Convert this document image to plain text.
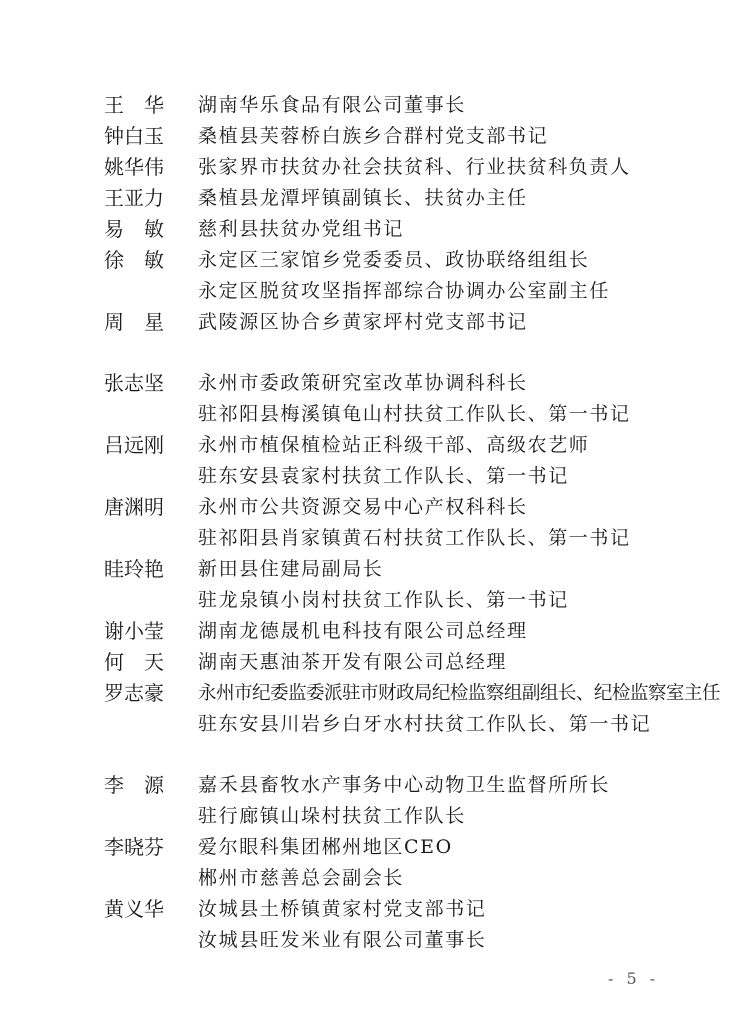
王　华	湖南华乐食品有限公司董事长
钟白玉	桑植县芙蓉桥白族乡合群村党支部书记
姚华伟	张家界市扶贫办社会扶贫科、行业扶贫科负责人
王亚力	桑植县龙潭坪镇副镇长、扶贫办主任
易　敏	慈利县扶贫办党组书记
徐　敏	永定区三家馆乡党委委员、政协联络组组长
永定区脱贫攻坚指挥部综合协调办公室副主任
周　星	武陵源区协合乡黄家坪村党支部书记
张志坚	永州市委政策研究室改革协调科科长
驻祁阳县梅溪镇龟山村扶贫工作队长、第一书记
吕远刚	永州市植保植检站正科级干部、高级农艺师
驻东安县袁家村扶贫工作队长、第一书记
唐渊明	永州市公共资源交易中心产权科科长
驻祁阳县肖家镇黄石村扶贫工作队长、第一书记
眭玲艳	新田县住建局副局长
驻龙泉镇小岗村扶贫工作队长、第一书记
谢小莹	湖南龙德晟机电科技有限公司总经理
何　天	湖南天惠油茶开发有限公司总经理
罗志豪	永州市纪委监委派驻市财政局纪检监察组副组长、纪检监察室主任
驻东安县川岩乡白牙水村扶贫工作队长、第一书记
李　源	嘉禾县畜牧水产事务中心动物卫生监督所所长
驻行廊镇山垛村扶贫工作队长
李晓芬	爱尔眼科集团郴州地区CEO
郴州市慈善总会副会长
黄义华	汝城县土桥镇黄家村党支部书记
汝城县旺发米业有限公司董事长
- 5 -
